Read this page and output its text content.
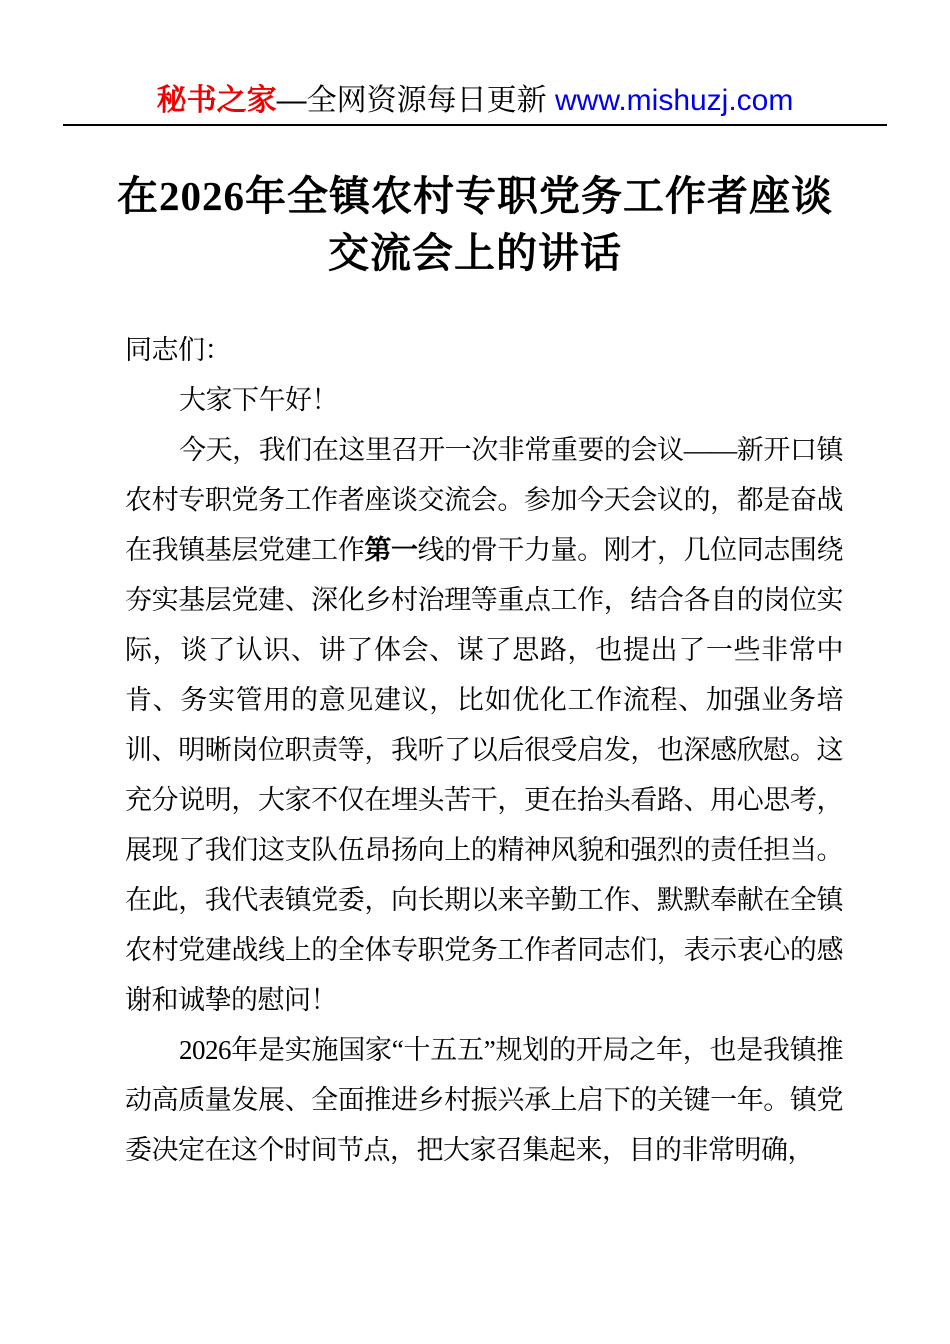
秘书之家—全网资源每日更新 www.mishuzj.com
在2026年全镇农村专职党务工作者座谈
交流会上的讲话

同志们：

大家下午好！

今天，我们在这里召开一次非常重要的会议——新开口镇农村专职党务工作者座谈交流会。参加今天会议的，都是奋战在我镇基层党建工作第一线的骨干力量。刚才，几位同志围绕夯实基层党建、深化乡村治理等重点工作，结合各自的岗位实际，谈了认识、讲了体会、谋了思路，也提出了一些非常中肯、务实管用的意见建议，比如优化工作流程、加强业务培训、明晰岗位职责等，我听了以后很受启发，也深感欣慰。这充分说明，大家不仅在埋头苦干，更在抬头看路、用心思考，展现了我们这支队伍昂扬向上的精神风貌和强烈的责任担当。在此，我代表镇党委，向长期以来辛勤工作、默默奉献在全镇农村党建战线上的全体专职党务工作者同志们，表示衷心的感谢和诚挚的慰问！

2026年是实施国家“十五五”规划的开局之年，也是我镇推动高质量发展、全面推进乡村振兴承上启下的关键一年。镇党委决定在这个时间节点，把大家召集起来，目的非常明确，
